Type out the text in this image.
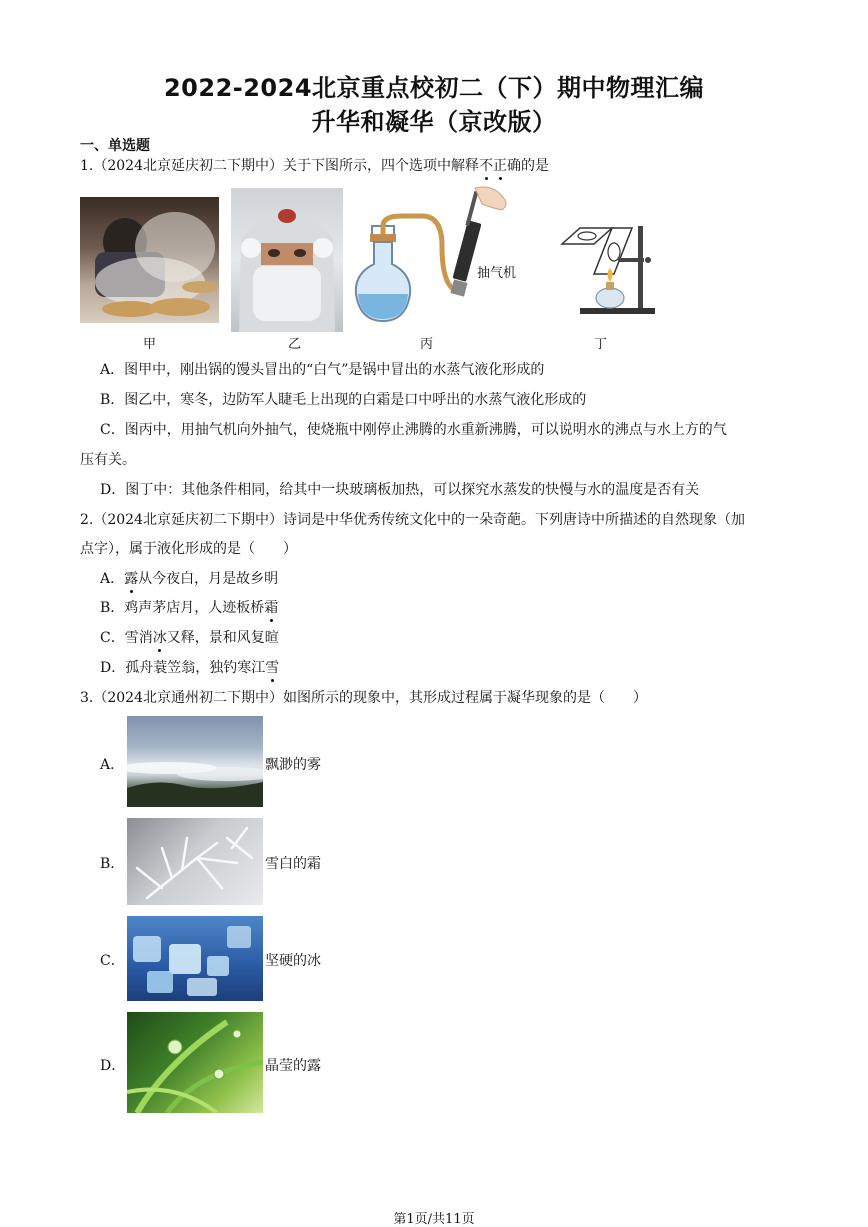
2022-2024北京重点校初二（下）期中物理汇编
升华和凝华（京改版）
一、单选题
1.（2024北京延庆初二下期中）关于下图所示，四个选项中解释不正确的是
抽气机
甲	乙	丙	丁
A．图甲中，刚出锅的馒头冒出的“白气”是锅中冒出的水蒸气液化形成的
B．图乙中，寒冬，边防军人睫毛上出现的白霜是口中呼出的水蒸气液化形成的
C．图丙中，用抽气机向外抽气，使烧瓶中刚停止沸腾的水重新沸腾，可以说明水的沸点与水上方的气
压有关。
D．图丁中：其他条件相同，给其中一块玻璃板加热，可以探究水蒸发的快慢与水的温度是否有关
2.（2024北京延庆初二下期中）诗词是中华优秀传统文化中的一朵奇葩。下列唐诗中所描述的自然现象（加
点字），属于液化形成的是（　　）
A．露从今夜白，月是故乡明
B．鸡声茅店月，人迹板桥霜
C．雪消冰又释，景和风复暄
D．孤舟蓑笠翁，独钓寒江雪
3.（2024北京通州初二下期中）如图所示的现象中，其形成过程属于凝华现象的是（　　）
A．	飘渺的雾
B．	雪白的霜
C．	坚硬的冰
D．	晶莹的露
第1页/共11页
